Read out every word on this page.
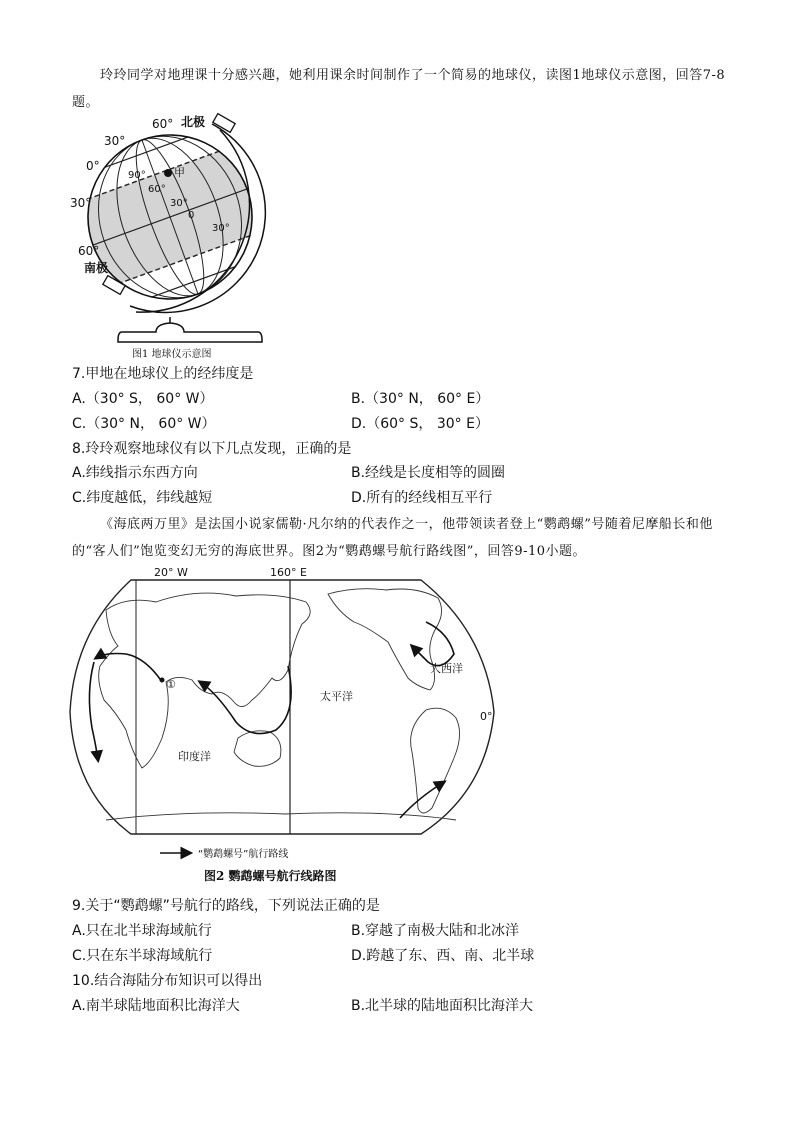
玲玲同学对地理课十分感兴趣，她利用课余时间制作了一个简易的地球仪，读图1地球仪示意图，回答7-8题。
甲
北极
南极
60°
30°
0°
30°
60°
90°
60°
30°
0
30°
图1 地球仪示意图
7.甲地在地球仪上的经纬度是
A.（30° S， 60° W）	B.（30° N， 60° E）
C.（30° N， 60° W）	D.（60° S， 30° E）
8.玲玲观察地球仪有以下几点发现，正确的是
A.纬线指示东西方向	B.经线是长度相等的圆圈
C.纬度越低，纬线越短	D.所有的经线相互平行
《海底两万里》是法国小说家儒勒·凡尔纳的代表作之一，他带领读者登上“鹦鹉螺”号随着尼摩船长和他的“客人们”饱览变幻无穷的海底世界。图2为“鹦鹉螺号航行路线图”，回答9-10小题。
20° W	160° E
0°
大西洋
太平洋
印度洋
①
“鹦鹉螺号”航行路线
图2 鹦鹉螺号航行线路图
9.关于“鹦鹉螺”号航行的路线，下列说法正确的是
A.只在北半球海域航行	B.穿越了南极大陆和北冰洋
C.只在东半球海域航行	D.跨越了东、西、南、北半球
10.结合海陆分布知识可以得出
A.南半球陆地面积比海洋大	B.北半球的陆地面积比海洋大
